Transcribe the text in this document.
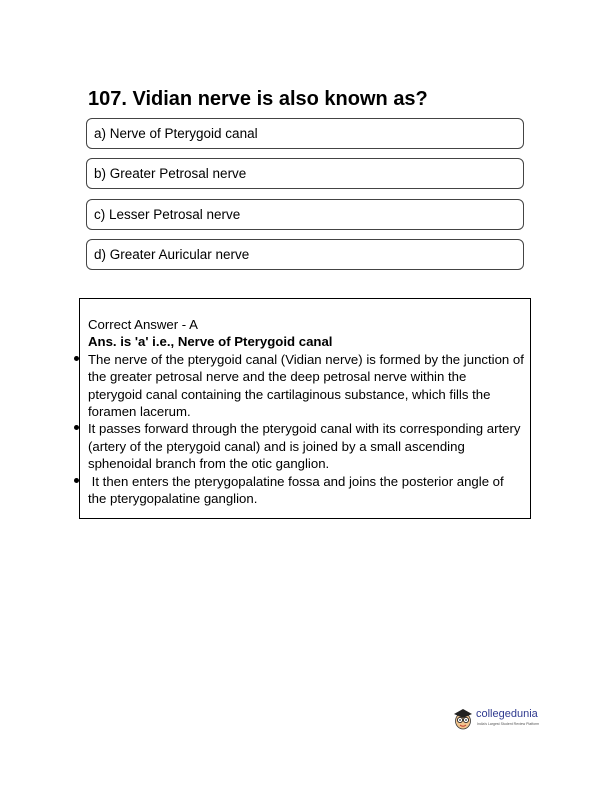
107. Vidian nerve is also known as?
a) Nerve of Pterygoid canal
b) Greater Petrosal nerve
c) Lesser Petrosal nerve
d) Greater Auricular nerve

Correct Answer - A

Ans. is 'a' i.e., Nerve of Pterygoid canal

The nerve of the pterygoid canal (Vidian nerve) is formed by the junction of the greater petrosal nerve and the deep petrosal nerve within the pterygoid canal containing the cartilaginous substance, which fills the foramen lacerum.
It passes forward through the pterygoid canal with its corresponding artery (artery of the pterygoid canal) and is joined by a small ascending sphenoidal branch from the otic ganglion.
It then enters the pterygopalatine fossa and joins the posterior angle of the pterygopalatine ganglion.
collegedunia
India's Largest Student Review Platform
